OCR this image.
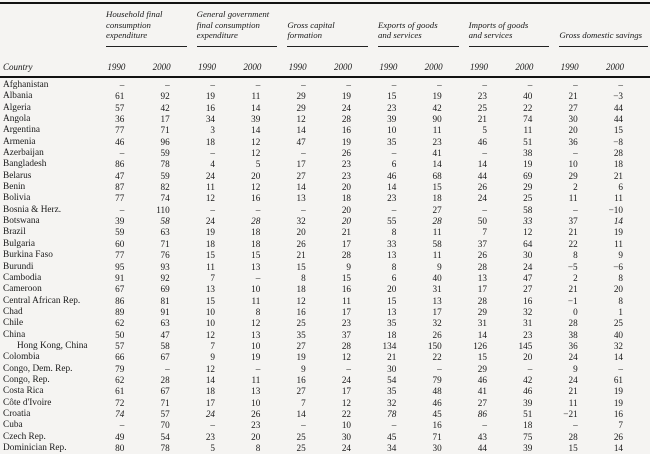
	Household final
consumption
expenditure		General government
final consumption
expenditure		Gross capital
formation		Exports of goods
and services		Imports of goods
and services		Gross domestic savings	

Country	1990	2000	1990	2000	1990	2000	1990	2000	1990	2000	1990	2000
Afghanistan	–	–	–	–	–	–	–	–	–	–	–	–
Albania	61	92	19	11	29	19	15	19	23	40	21	−3
Algeria	57	42	16	14	29	24	23	42	25	22	27	44
Angola	36	17	34	39	12	28	39	90	21	74	30	44
Argentina	77	71	3	14	14	16	10	11	5	11	20	15
Armenia	46	96	18	12	47	19	35	23	46	51	36	−8
Azerbaijan	–	59	–	12	–	26	–	41	–	38	–	28
Bangladesh	86	78	4	5	17	23	6	14	14	19	10	18
Belarus	47	59	24	20	27	23	46	68	44	69	29	21
Benin	87	82	11	12	14	20	14	15	26	29	2	6
Bolivia	77	74	12	16	13	18	23	18	24	25	11	11
Bosnia & Herz.	–	110	–	–	–	20	–	27	–	58	–	−10
Botswana	39	58	24	28	32	20	55	28	50	33	37	14
Brazil	59	63	19	18	20	21	8	11	7	12	21	19
Bulgaria	60	71	18	18	26	17	33	58	37	64	22	11
Burkina Faso	77	76	15	15	21	28	13	11	26	30	8	9
Burundi	95	93	11	13	15	9	8	9	28	24	−5	−6
Cambodia	91	92	7	–	8	15	6	40	13	47	2	8
Cameroon	67	69	13	10	18	16	20	31	17	27	21	20
Central African Rep.	86	81	15	11	12	11	15	13	28	16	−1	8
Chad	89	91	10	8	16	17	13	17	29	32	0	1
Chile	62	63	10	12	25	23	35	32	31	31	28	25
China	50	47	12	13	35	37	18	26	14	23	38	40
Hong Kong, China	57	58	7	10	27	28	134	150	126	145	36	32
Colombia	66	67	9	19	19	12	21	22	15	20	24	14
Congo, Dem. Rep.	79	–	12	–	9	–	30	–	29	–	9	–
Congo, Rep.	62	28	14	11	16	24	54	79	46	42	24	61
Costa Rica	61	67	18	13	27	17	35	48	41	46	21	19
Côte d'Ivoire	72	71	17	10	7	12	32	46	27	39	11	19
Croatia	74	57	24	26	14	22	78	45	86	51	−21	16
Cuba	–	70	–	23	–	10	–	16	–	18	–	7
Czech Rep.	49	54	23	20	25	30	45	71	43	75	28	26
Dominician Rep.	80	78	5	8	25	24	34	30	44	39	15	14
